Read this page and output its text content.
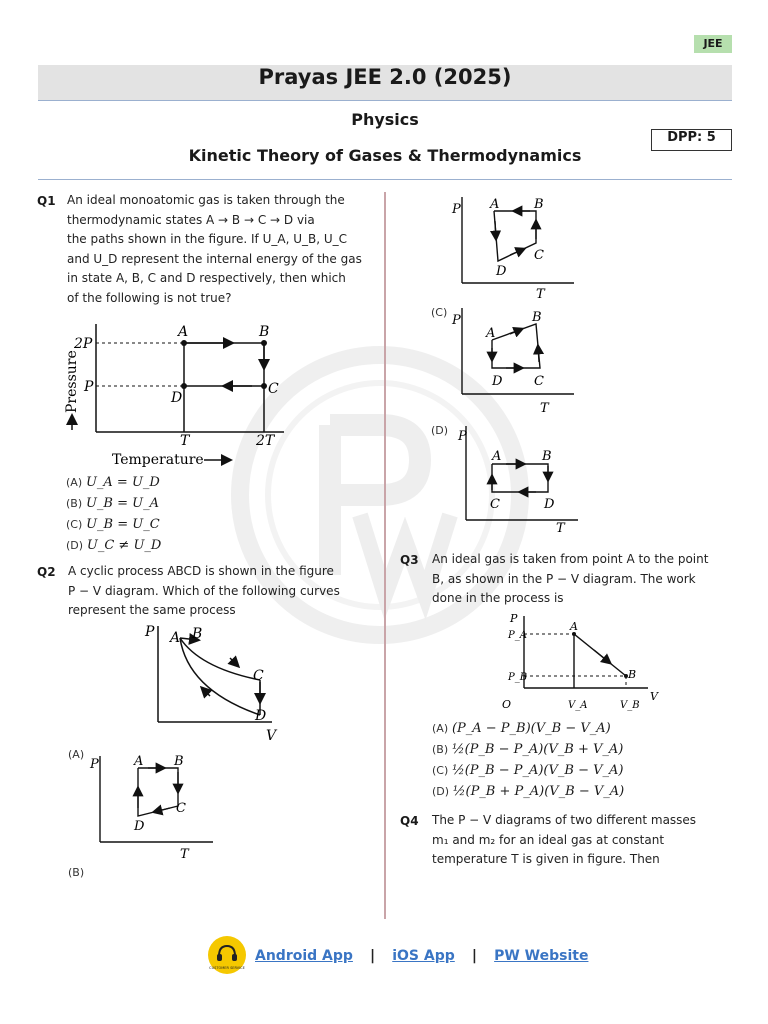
JEE
Prayas JEE 2.0 (2025)
Physics
Kinetic Theory of Gases & Thermodynamics
DPP: 5
Q1 An ideal monoatomic gas is taken through the
thermodynamic states A → B → C → D via
the paths shown in the figure. If U_A, U_B, U_C
and U_D represent the internal energy of the gas
in state A, B, C and D respectively, then which
of the following is not true?
A	B
C
D
2P
P
T	2T
Pressure
Temperature
(A) U_A = U_D
(B) U_B = U_A
(C) U_B = U_C
(D) U_C ≠ U_D
Q2 A cyclic process ABCD is shown in the figure
P − V diagram. Which of the following curves
represent the same process
P
V
A B
C
D
(A)
P
T
A B
C
D
(B)
P
T
A	B
C
D
(C)
P
T
A
B
C
D
(D) P
T
A	B
C	D
Q3 An ideal gas is taken from point A to the point
B, as shown in the P − V diagram. The work
done in the process is
P
V
O
P_A
P_B
V_A	V_B
A
B
(A) (P_A − P_B)(V_B − V_A)
(B) ½(P_B − P_A)(V_B + V_A)
(C) ½(P_B − P_A)(V_B − V_A)
(D) ½(P_B + P_A)(V_B − V_A)
Q4 The P − V diagrams of two different masses
m₁ and m₂ for an ideal gas at constant
temperature T is given in figure. Then
CUSTOMER SERVICE
Android App | iOS App | PW Website
